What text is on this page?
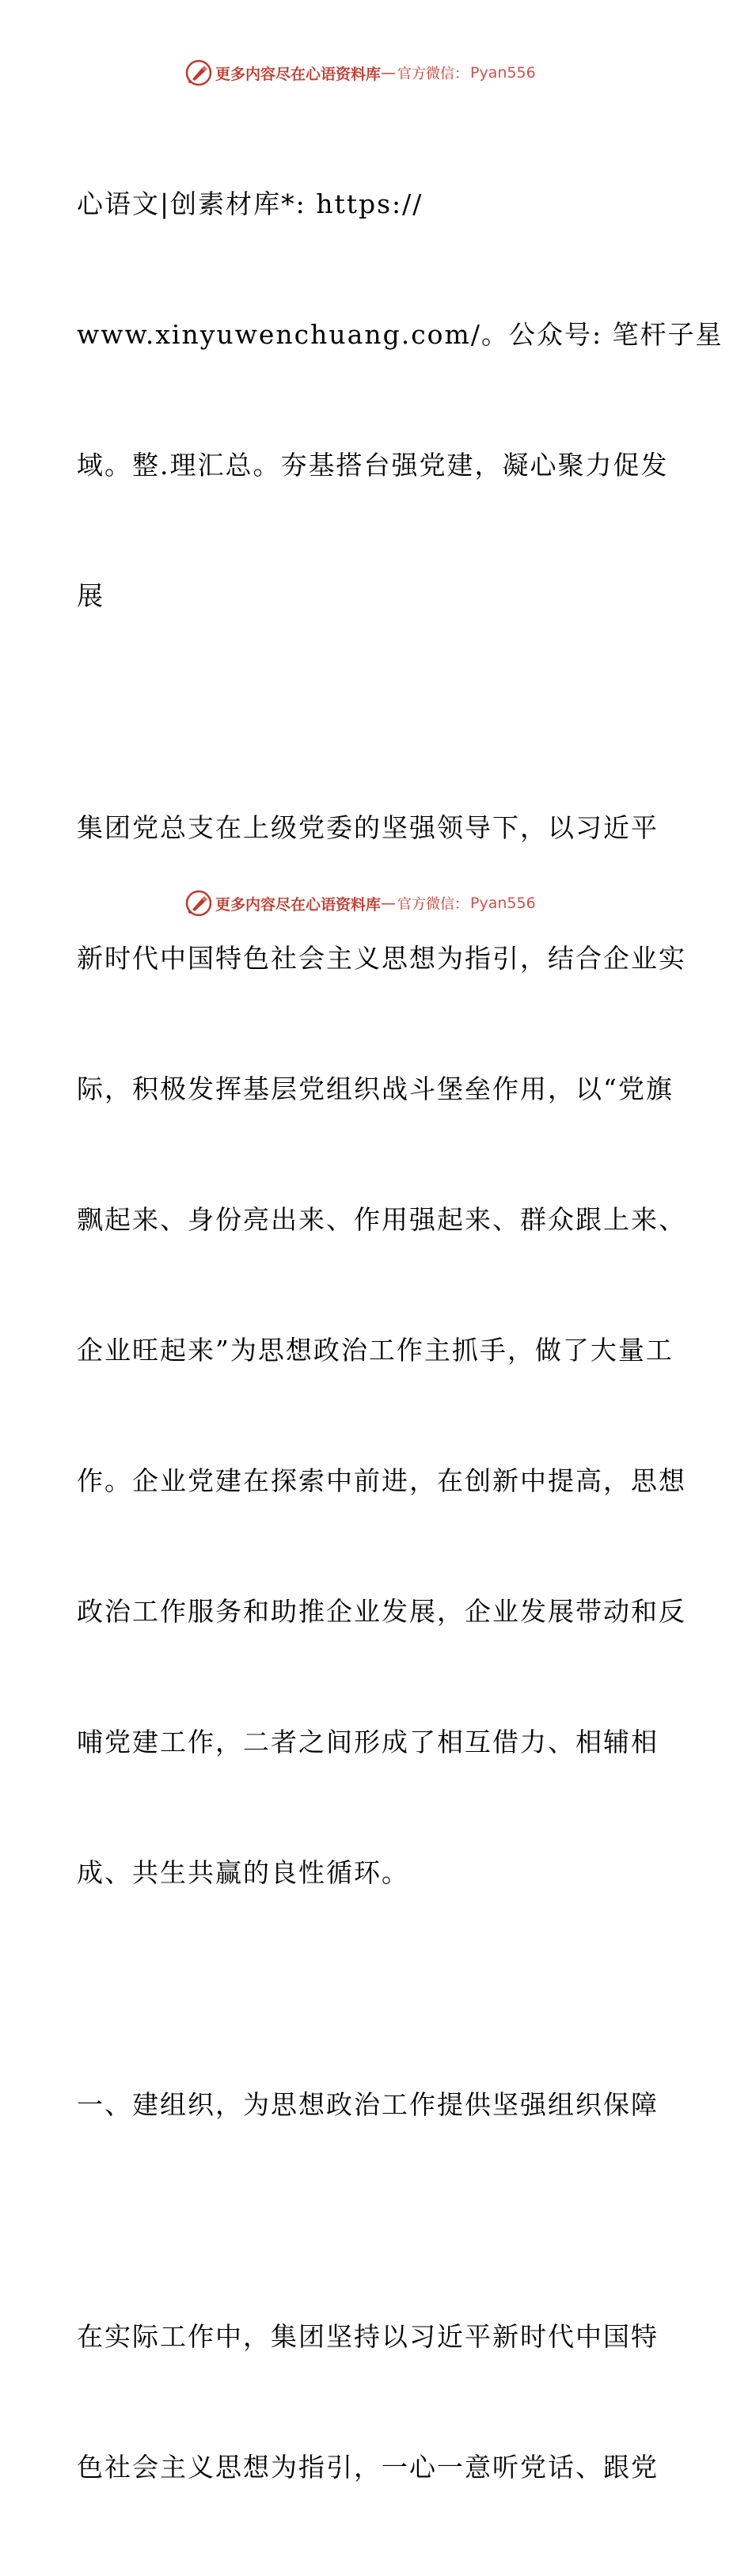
更多内容尽在心语资料库 — 官方微信： Pyan556

心语文|创素材库*: https://

www.xinyuwenchuang.com/。公众号: 笔杆子星

域。整.理汇总。夯基搭台强党建，凝心聚力促发

展

集团党总支在上级党委的坚强领导下，以习近平

新时代中国特色社会主义思想为指引，结合企业实

际，积极发挥基层党组织战斗堡垒作用，以“党旗

飘起来、身份亮出来、作用强起来、群众跟上来、

企业旺起来”为思想政治工作主抓手，做了大量工

作。企业党建在探索中前进，在创新中提高，思想

政治工作服务和助推企业发展，企业发展带动和反

哺党建工作，二者之间形成了相互借力、相辅相

成、共生共赢的良性循环。

一、建组织，为思想政治工作提供坚强组织保障

在实际工作中，集团坚持以习近平新时代中国特

色社会主义思想为指引，一心一意听党话、跟党

更多内容尽在心语资料库 — 官方微信： Pyan556
